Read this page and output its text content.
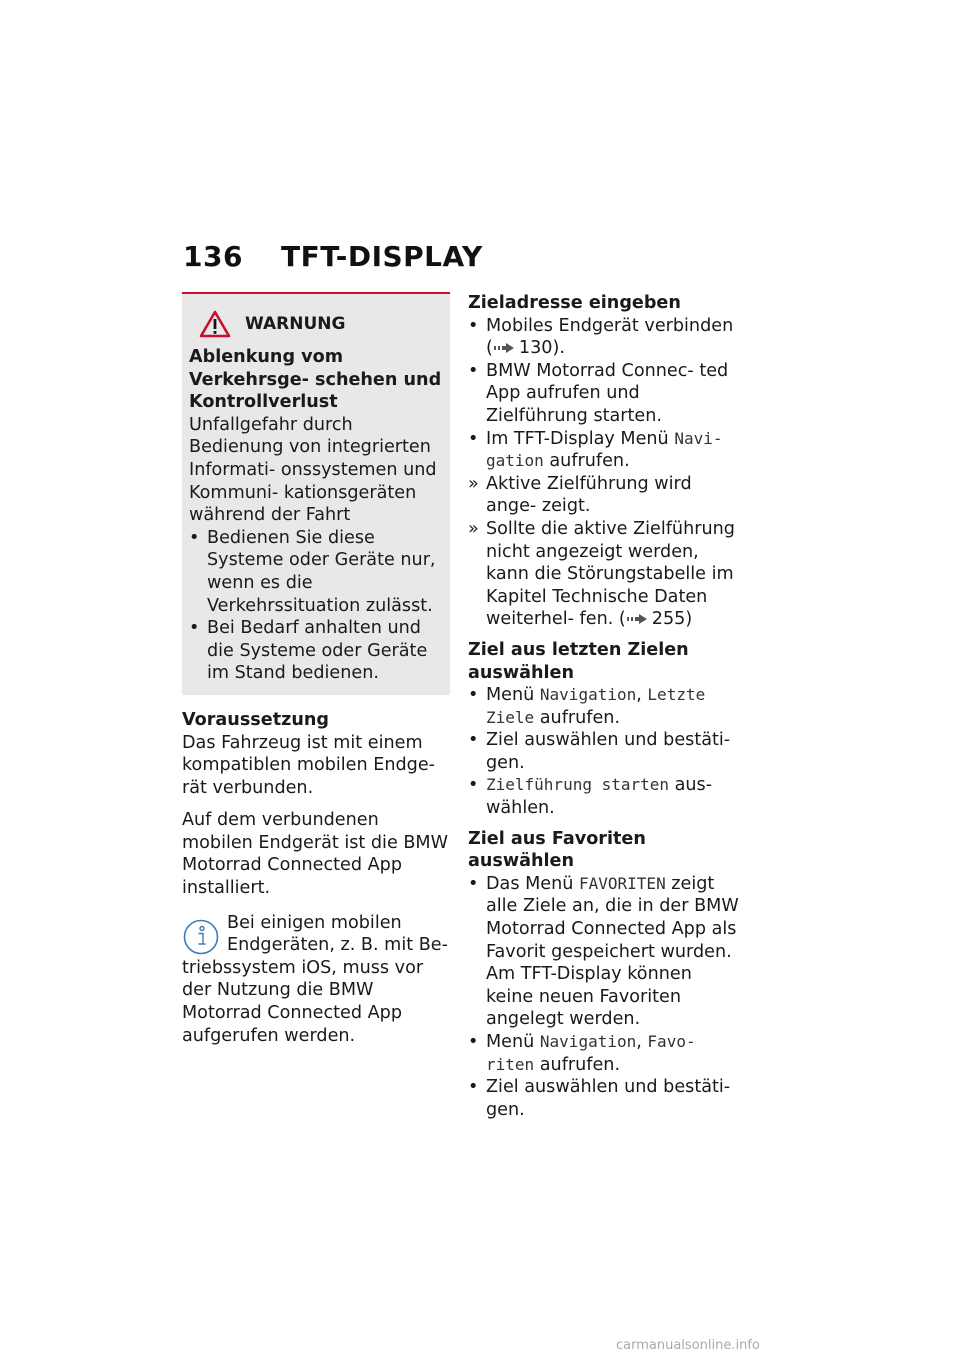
136 TFT-DISPLAY
WARNUNG
Ablenkung vom Verkehrsge- schehen und Kontrollverlust
Unfallgefahr durch Bedienung von integrierten Informati- onssystemen und Kommuni- kationsgeräten während der Fahrt
• Bedienen Sie diese Systeme oder Geräte nur, wenn es die Verkehrssituation zulässt.
• Bei Bedarf anhalten und die Systeme oder Geräte im Stand bedienen.
Voraussetzung

Das Fahrzeug ist mit einem kompatiblen mobilen Endge- rät verbunden.

Auf dem verbundenen mobilen Endgerät ist die BMW Motorrad Connected App installiert.

Bei einigen mobilen
Endgeräten, z. B. mit Be-
triebssystem iOS, muss vor der Nutzung die BMW Motorrad Connected App aufgerufen werden.
Zieladresse eingeben
• Mobiles Endgerät verbinden ( 130).
• BMW Motorrad Connec- ted App aufrufen und Zielführung starten.
• Im TFT-Display Menü Navi- gation aufrufen.
» Aktive Zielführung wird ange- zeigt.
» Sollte die aktive Zielführung nicht angezeigt werden, kann die Störungstabelle im Kapitel Technische Daten weiterhel- fen. ( 255)
Ziel aus letzten Zielen auswählen
• Menü Navigation, Letzte Ziele aufrufen.
• Ziel auswählen und bestäti- gen.
• Zielführung starten aus- wählen.
Ziel aus Favoriten auswählen
• Das Menü FAVORITEN zeigt alle Ziele an, die in der BMW Motorrad Connected App als Favorit gespeichert wurden. Am TFT-Display können keine neuen Favoriten angelegt werden.
• Menü Navigation, Favo- riten aufrufen.
• Ziel auswählen und bestäti- gen.
carmanualsonline.info
